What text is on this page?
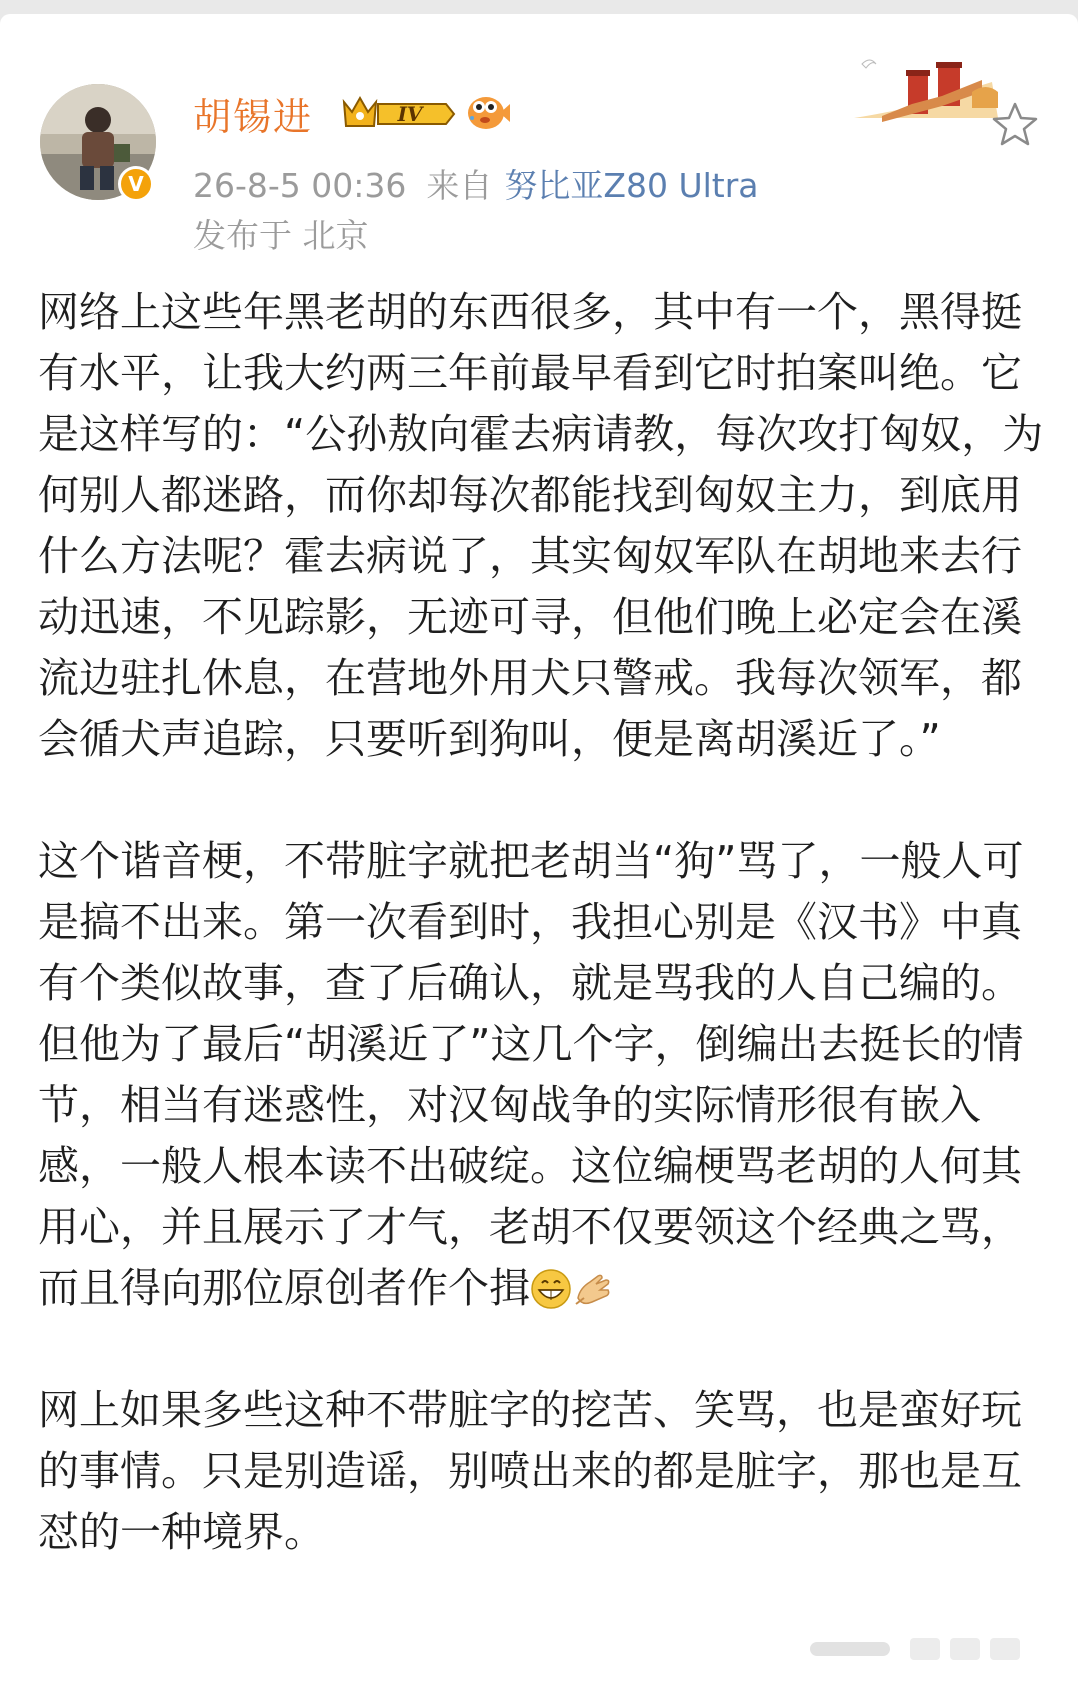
V
胡锡进	IV
26-8-5 00:36 来自 努比亚Z80 Ultra
发布于 北京

网络上这些年黑老胡的东西很多，其中有一个，黑得挺有水平，让我大约两三年前最早看到它时拍案叫绝。它是这样写的：“公孙敖向霍去病请教，每次攻打匈奴，为何别人都迷路，而你却每次都能找到匈奴主力，到底用什么方法呢？霍去病说了，其实匈奴军队在胡地来去行动迅速，不见踪影，无迹可寻，但他们晚上必定会在溪流边驻扎休息，在营地外用犬只警戒。我每次领军，都会循犬声追踪，只要听到狗叫，便是离胡溪近了。”

这个谐音梗，不带脏字就把老胡当“狗”骂了，一般人可是搞不出来。第一次看到时，我担心别是《汉书》中真有个类似故事，查了后确认，就是骂我的人自己编的。但他为了最后“胡溪近了”这几个字，倒编出去挺长的情节，相当有迷惑性，对汉匈战争的实际情形很有嵌入感，一般人根本读不出破绽。这位编梗骂老胡的人何其用心，并且展示了才气，老胡不仅要领这个经典之骂，而且得向那位原创者作个揖

网上如果多些这种不带脏字的挖苦、笑骂，也是蛮好玩的事情。只是别造谣，别喷出来的都是脏字，那也是互怼的一种境界。
